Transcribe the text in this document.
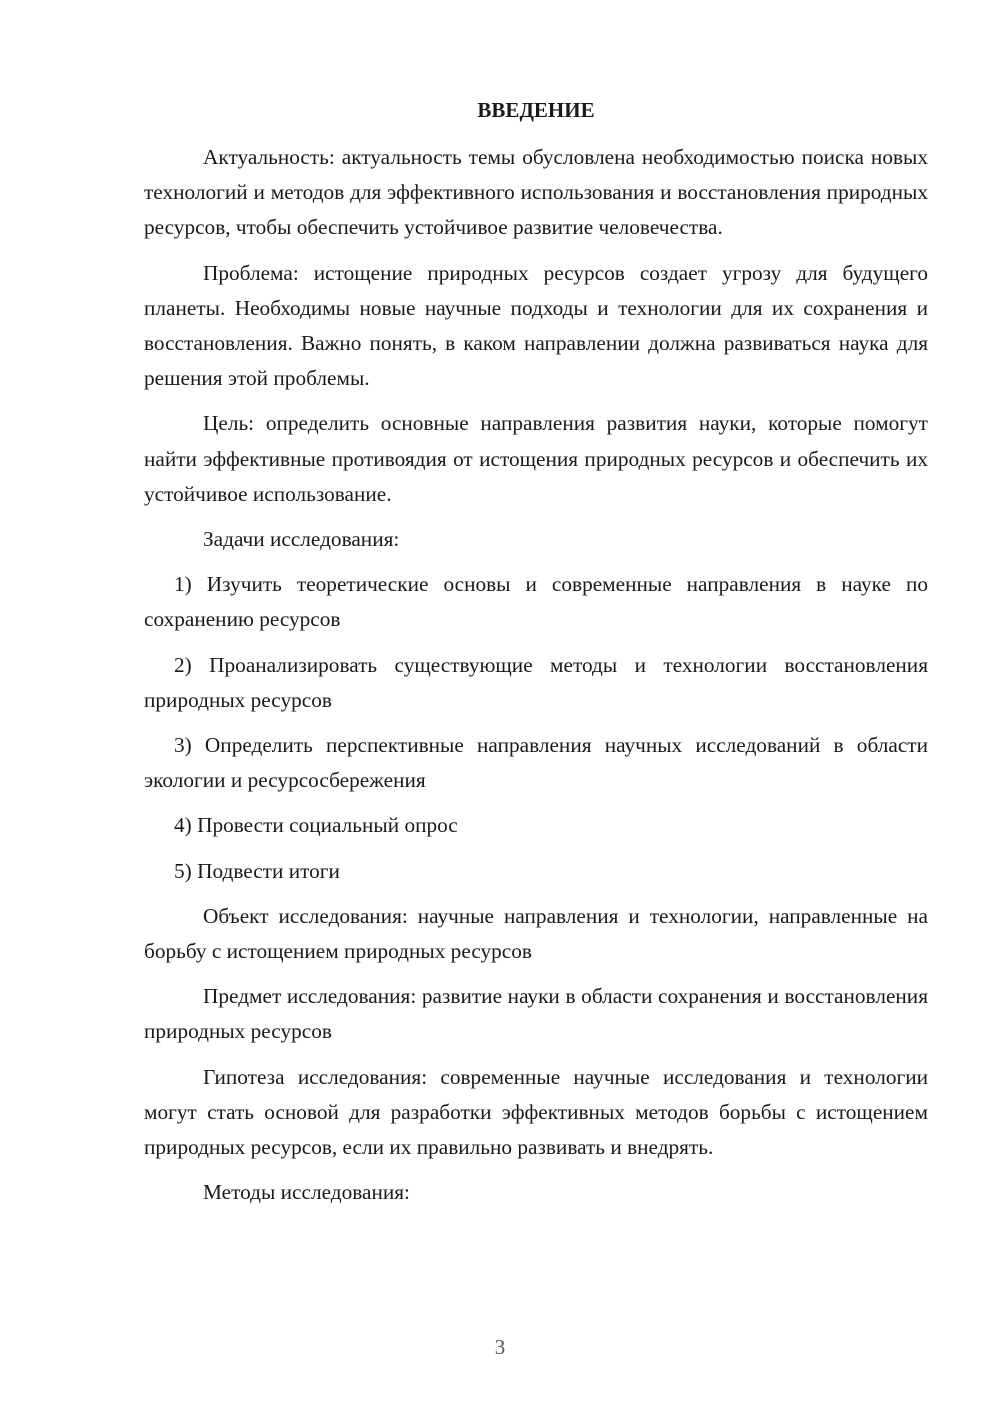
ВВЕДЕНИЕ

Актуальность: актуальность темы обусловлена необходимостью поиска новых технологий и методов для эффективного использования и восстановления природных ресурсов, чтобы обеспечить устойчивое развитие человечества.

Проблема: истощение природных ресурсов создает угрозу для будущего планеты. Необходимы новые научные подходы и технологии для их сохранения и восстановления. Важно понять, в каком направлении должна развиваться наука для решения этой проблемы.

Цель: определить основные направления развития науки, которые помогут найти эффективные противоядия от истощения природных ресурсов и обеспечить их устойчивое использование.

Задачи исследования:

1) Изучить теоретические основы и современные направления в науке по сохранению ресурсов

2) Проанализировать существующие методы и технологии восстановления природных ресурсов

3) Определить перспективные направления научных исследований в области экологии и ресурсосбережения

4) Провести социальный опрос

5) Подвести итоги

Объект исследования: научные направления и технологии, направленные на борьбу с истощением природных ресурсов

Предмет исследования: развитие науки в области сохранения и восстановления природных ресурсов

Гипотеза исследования: современные научные исследования и технологии могут стать основой для разработки эффективных методов борьбы с истощением природных ресурсов, если их правильно развивать и внедрять.

Методы исследования:

3
